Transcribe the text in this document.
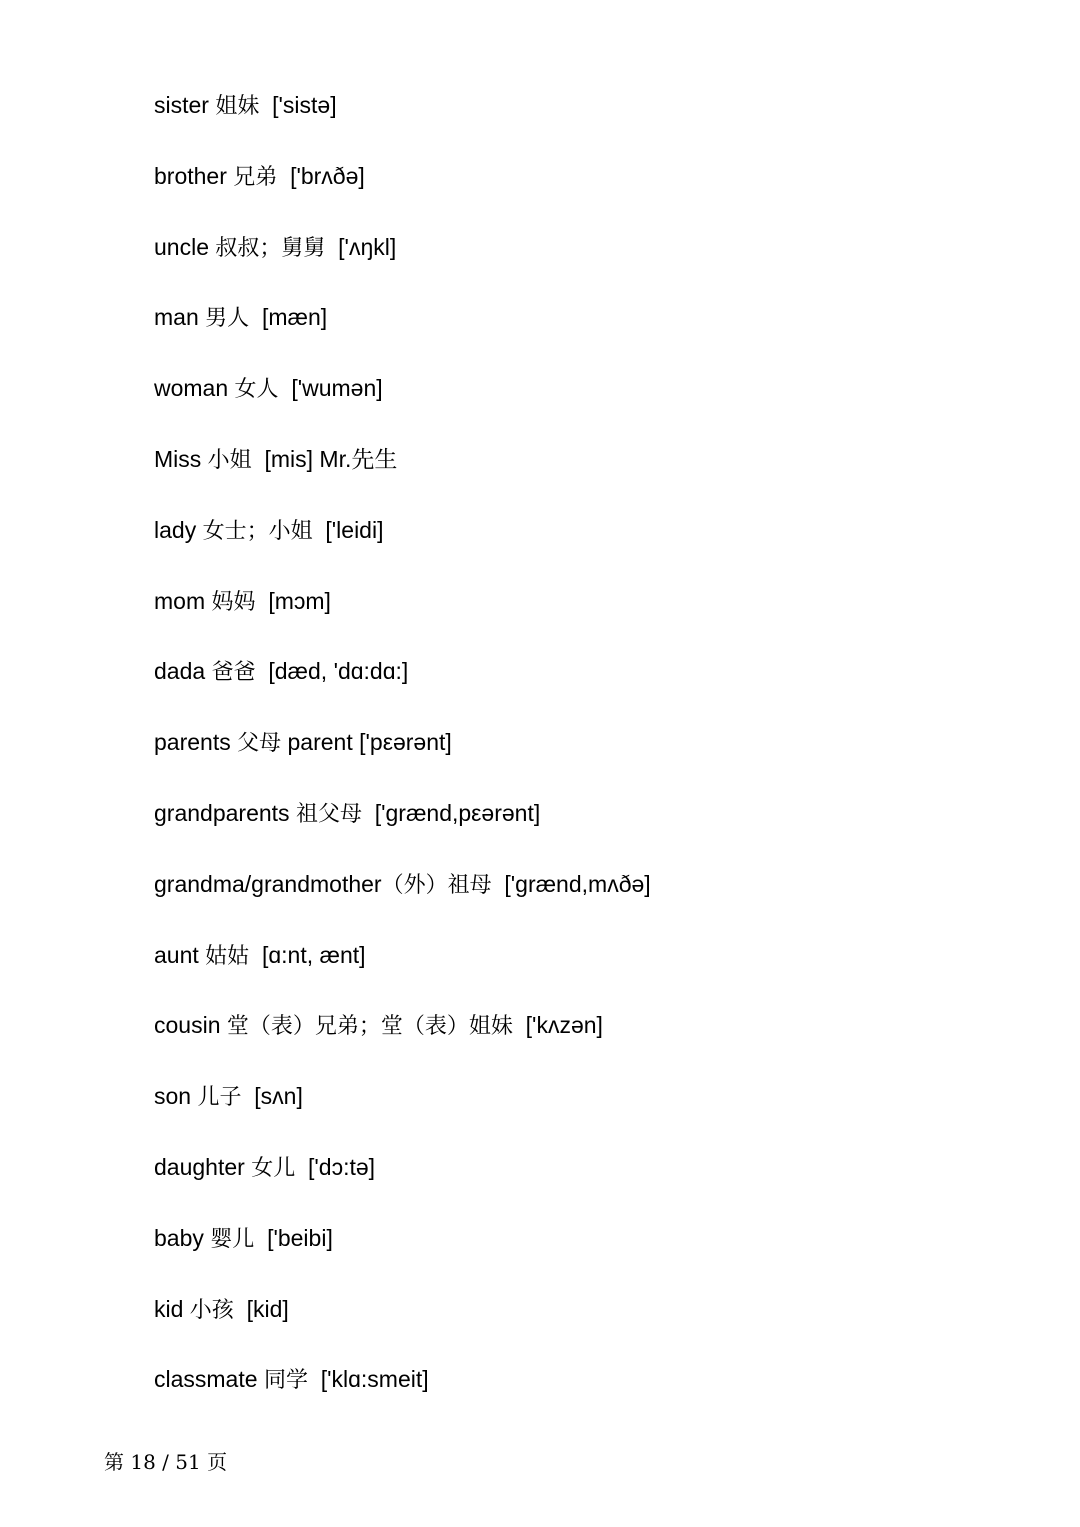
sister 姐妹 ['sistə]
brother 兄弟 ['brʌðə]
uncle 叔叔；舅舅 ['ʌŋkl]
man 男人 [mæn]
woman 女人 ['wumən]
Miss 小姐 [mis] Mr.先生
lady 女士；小姐 ['leidi]
mom 妈妈 [mɔm]
dada 爸爸 [dæd, 'dɑ:dɑ:]
parents 父母 parent ['pεərənt]
grandparents 祖父母 ['ɡrænd,pεərənt]
grandma/grandmother（外）祖母 ['ɡrænd,mʌðə]
aunt 姑姑 [ɑ:nt, ænt]
cousin 堂（表）兄弟；堂（表）姐妹 ['kʌzən]
son 儿子 [sʌn]
daughter 女儿 ['dɔ:tə]
baby 婴儿 ['beibi]
kid 小孩 [kid]
classmate 同学 ['klɑ:smeit]
第 18 / 51 页
